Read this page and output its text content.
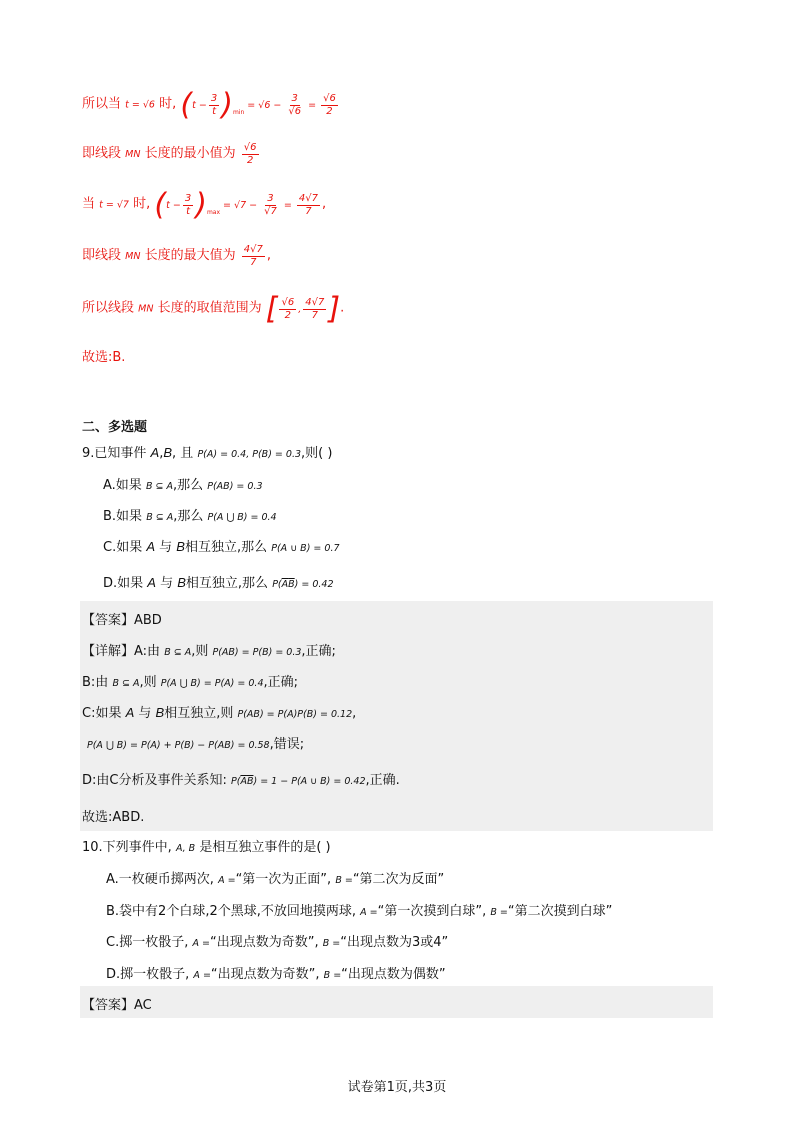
所以当 t = √6 时, $(t - \frac{3}{t} )_{min} = √6 - \frac{3}{√6} = \frac{√6}{2}$
即线段 MN 长度的最小值为 $\frac{√6}{2}$
当 t = √7 时, $(t - \frac{3}{t} )_{max} = √7 - \frac{3}{√7} = \frac{4√7}{7}$ ,
即线段 MN 长度的最大值为 $\frac{4√7}{7}$ ,
所以线段 MN 长度的取值范围为 [ $\frac{√6}{2}$ , $\frac{4√7}{7}$ ].
故选:B.
二、多选题
9.已知事件 A,B, 且 P(A) = 0.4, P(B) = 0.3,则( )
A.如果 B ⊆ A,那么 P(AB) = 0.3
B.如果 B ⊆ A,那么 P(A ⋃ B) = 0.4
C.如果 A 与 B相互独立,那么 P(A ∪ B) = 0.7
D.如果 A 与 B相互独立,那么 $P(\overline{A}\overline{B}) = 0.42$
【答案】ABD
【详解】A:由 B ⊆ A,则 P(AB) = P(B) = 0.3,正确;
B:由 B ⊆ A,则 P(A ⋃ B) = P(A) = 0.4,正确;
C:如果 A 与 B相互独立,则 P(AB) = P(A)P(B) = 0.12,
P(A ⋃ B) = P(A) + P(B) − P(AB) = 0.58,错误;
D:由C分析及事件关系知: $P(\overline{A}\overline{B}) = 1 - P(A$ ∪ B) = 0.42,正确.
故选:ABD.
10.下列事件中, A, B 是相互独立事件的是( )
A.一枚硬币掷两次, A =“第一次为正面”, B =“第二次为反面”
B.袋中有2个白球,2个黑球,不放回地摸两球, A =“第一次摸到白球”, B =“第二次摸到白球”
C.掷一枚骰子, A =“出现点数为奇数”, B =“出现点数为3或4”
D.掷一枚骰子, A =“出现点数为奇数”, B =“出现点数为偶数”
【答案】AC
试卷第1页,共3页
